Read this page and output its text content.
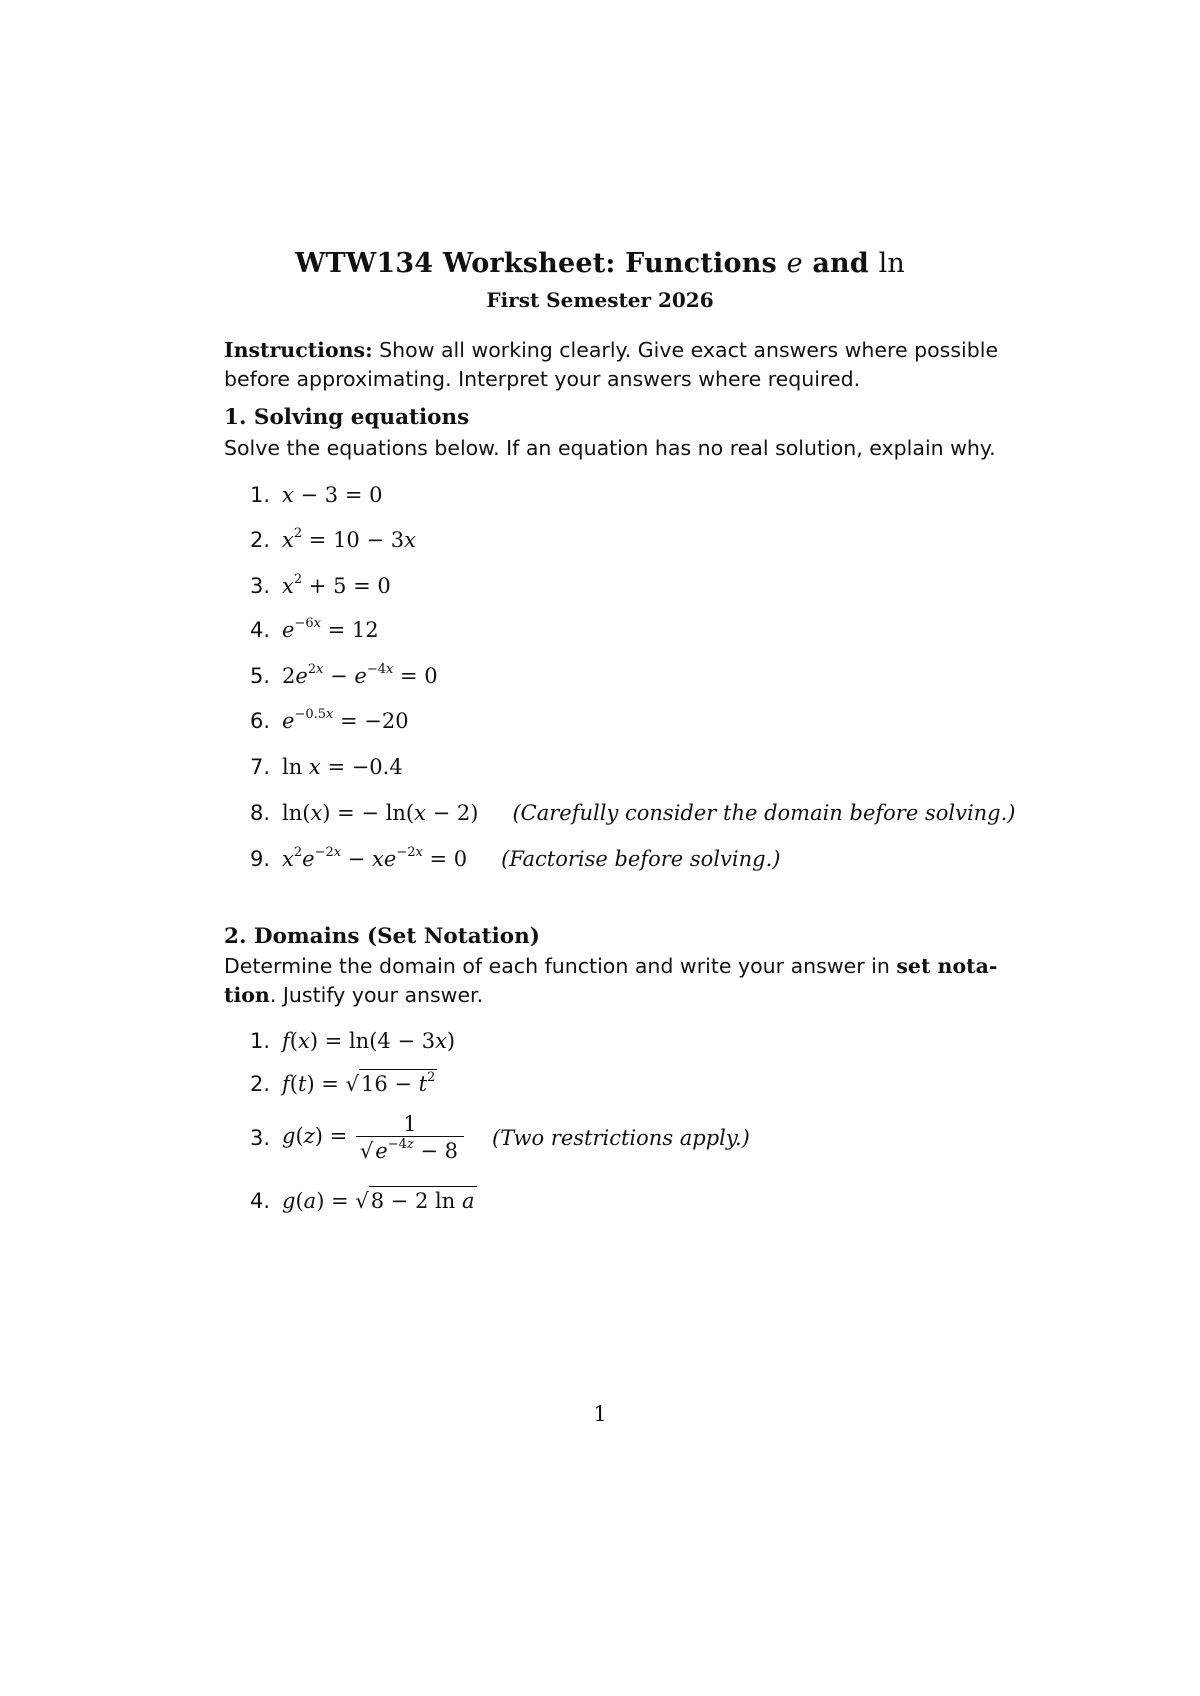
WTW134 Worksheet: Functions e and ln
First Semester 2026
Instructions: Show all working clearly. Give exact answers where possible before approximating. Interpret your answers where required.
1. Solving equations
Solve the equations below. If an equation has no real solution, explain why.
1. x − 3 = 0
2. $x^2 = 10 - 3x$
3. $x^2 + 5 = 0$
4. $e^{-6x} = 12$
5. $2e^{2x} - e^{-4x} = 0$
6. $e^{-0.5x} = -20$
7. ln x = −0.4
8. ln(x) = − ln(x − 2) (Carefully consider the domain before solving.)
9. $x^2e^{-2x} - xe^{-2x} = 0$ (Factorise before solving.)
2. Domains (Set Notation)
Determine the domain of each function and write your answer in set nota-tion. Justify your answer.
1. f(x) = ln(4 − 3x)
2. $f(t) = √16 - t^2$
3. $g(z) = \frac{1}{√e^{-4z} - 8} (Two$ restrictions apply.)
4. g(a) = √8 − 2 ln a
1
